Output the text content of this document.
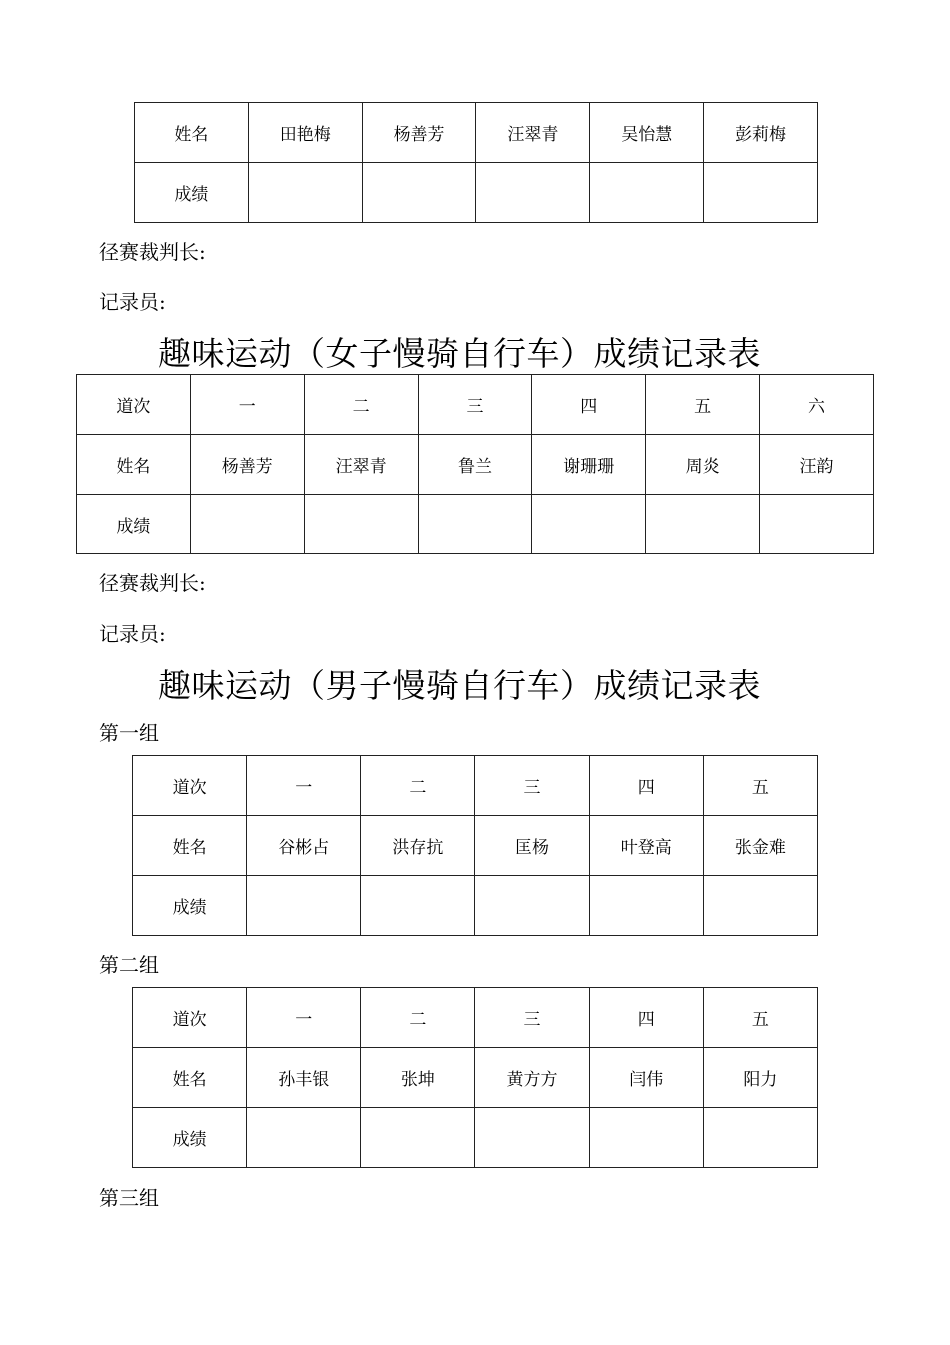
姓名	田艳梅	杨善芳	汪翠青	吴怡慧	彭莉梅
成绩					
径赛裁判长:
记录员:
趣味运动（女子慢骑自行车）成绩记录表
道次	一	二	三	四	五	六
姓名	杨善芳	汪翠青	鲁兰	谢珊珊	周炎	汪韵
成绩						
径赛裁判长:
记录员:
趣味运动（男子慢骑自行车）成绩记录表
第一组
道次	一	二	三	四	五
姓名	谷彬占	洪存抗	匡杨	叶登高	张金难
成绩					
第二组
道次	一	二	三	四	五
姓名	孙丰银	张坤	黄方方	闫伟	阳力
成绩					
第三组
